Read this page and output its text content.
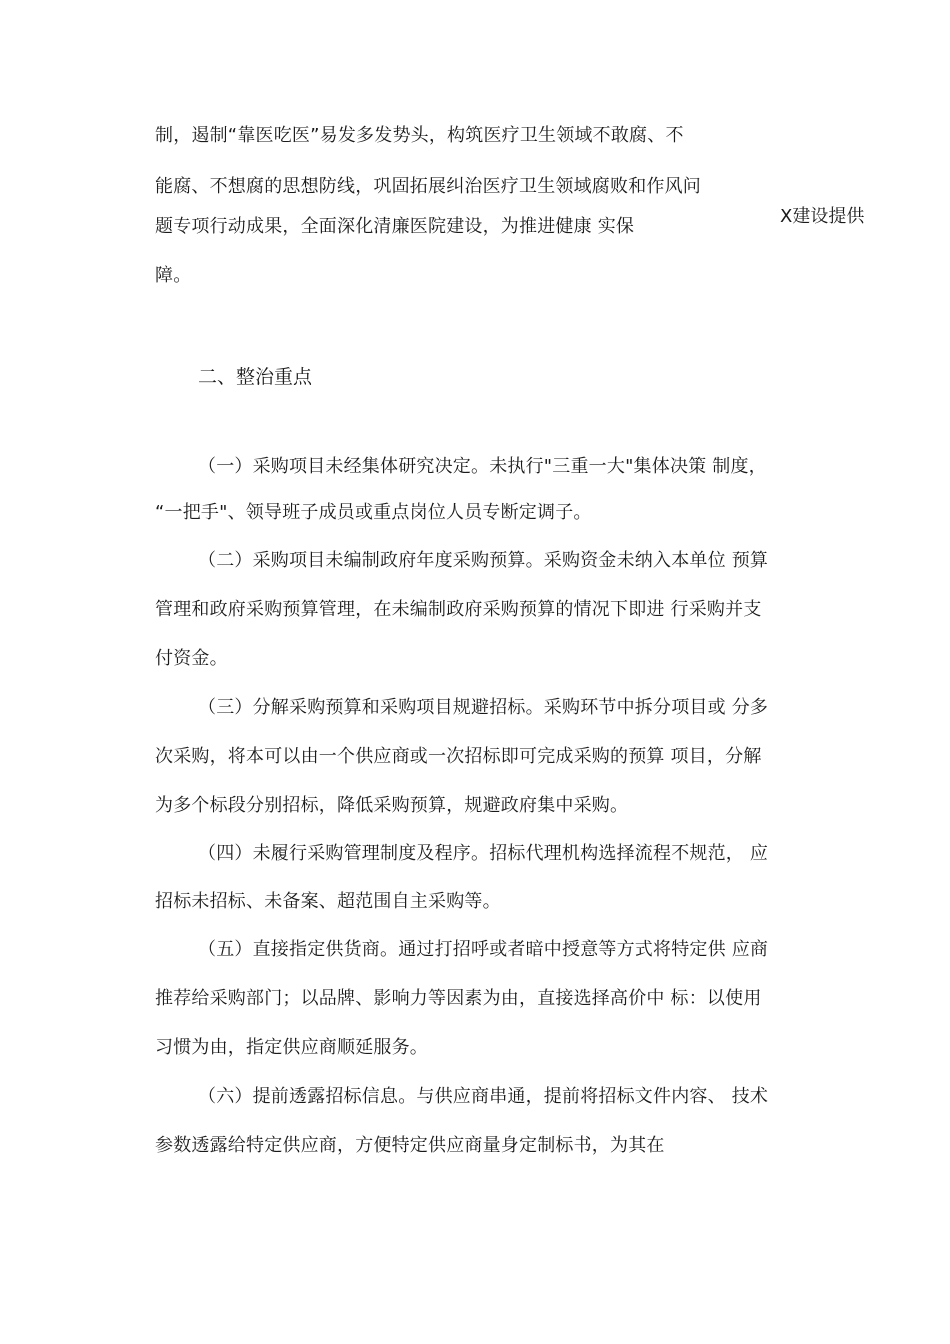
制，遏制“靠医吃医”易发多发势头，构筑医疗卫生领域不敢腐、不
能腐、不想腐的思想防线，巩固拓展纠治医疗卫生领域腐败和作风问
题专项行动成果，全面深化清廉医院建设，为推进健康 实保
障。
X建设提供
二、整治重点
（一）采购项目未经集体研究决定。未执行"三重一大"集体决策 制度，
“一把手"、领导班子成员或重点岗位人员专断定调子。
（二）采购项目未编制政府年度采购预算。采购资金未纳入本单位 预算
管理和政府采购预算管理，在未编制政府采购预算的情况下即进 行采购并支
付资金。
（三）分解采购预算和采购项目规避招标。采购环节中拆分项目或 分多
次采购，将本可以由一个供应商或一次招标即可完成采购的预算 项目，分解
为多个标段分别招标，降低采购预算，规避政府集中采购。
（四）未履行采购管理制度及程序。招标代理机构选择流程不规范， 应
招标未招标、未备案、超范围自主采购等。
（五）直接指定供货商。通过打招呼或者暗中授意等方式将特定供 应商
推荐给采购部门；以品牌、影响力等因素为由，直接选择高价中 标：以使用
习惯为由，指定供应商顺延服务。
（六）提前透露招标信息。与供应商串通，提前将招标文件内容、 技术
参数透露给特定供应商，方便特定供应商量身定制标书，为其在
